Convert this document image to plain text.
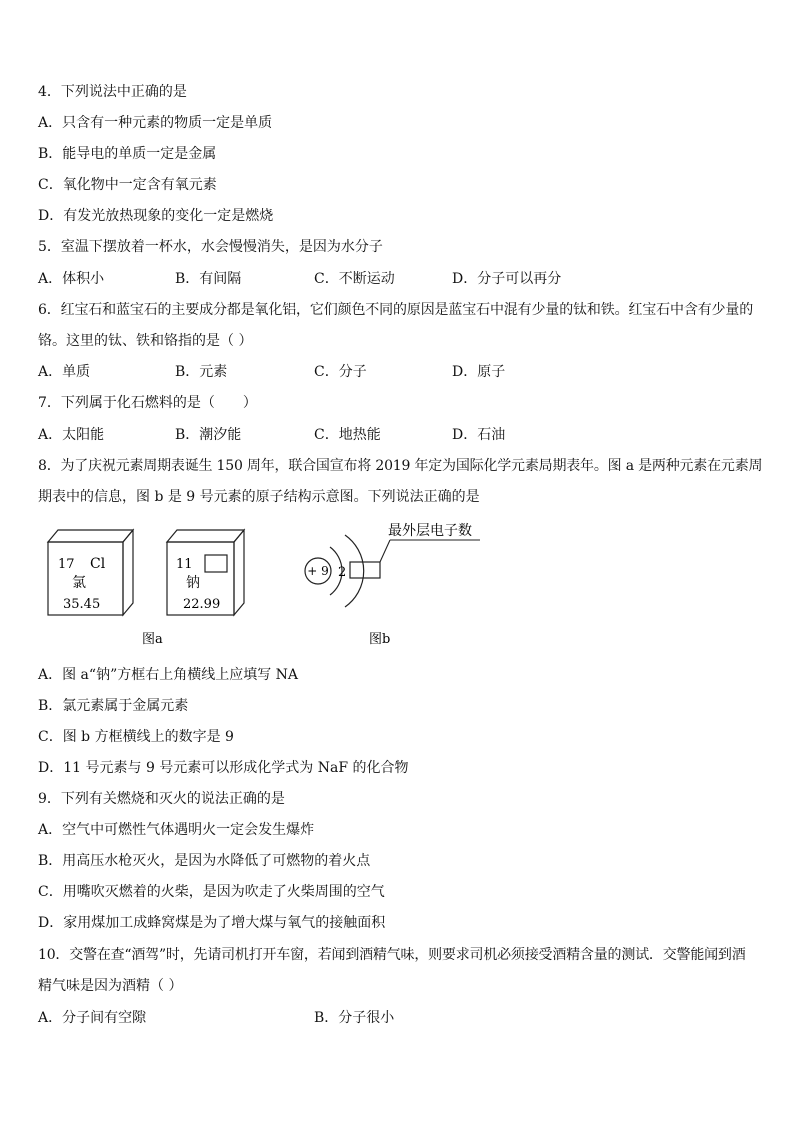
4．下列说法中正确的是
A．只含有一种元素的物质一定是单质
B．能导电的单质一定是金属
C．氧化物中一定含有氧元素
D．有发光放热现象的变化一定是燃烧
5．室温下摆放着一杯水，水会慢慢消失，是因为水分子
A．体积小	B．有间隔	C．不断运动	D．分子可以再分
6．红宝石和蓝宝石的主要成分都是氧化铝，它们颜色不同的原因是蓝宝石中混有少量的钛和铁。红宝石中含有少量的
铬。这里的钛、铁和铬指的是（ ）
A．单质	B．元素	C．分子	D．原子
7．下列属于化石燃料的是（　　）
A．太阳能	B．潮汐能	C．地热能	D．石油
8．为了庆祝元素周期表诞生 150 周年，联合国宣布将 2019 年定为国际化学元素局期表年。图 a 是两种元素在元素周
期表中的信息，图 b 是 9 号元素的原子结构示意图。下列说法正确的是
17 Cl
氯
35.45
11
钠
22.99
+ 9 2
最外层电子数
图a	图b
A．图 a“钠”方框右上角横线上应填写 NA
B．氯元素属于金属元素
C．图 b 方框横线上的数字是 9
D．11 号元素与 9 号元素可以形成化学式为 NaF 的化合物
9．下列有关燃烧和灭火的说法正确的是
A．空气中可燃性气体遇明火一定会发生爆炸
B．用高压水枪灭火，是因为水降低了可燃物的着火点
C．用嘴吹灭燃着的火柴，是因为吹走了火柴周围的空气
D．家用煤加工成蜂窝煤是为了增大煤与氧气的接触面积
10．交警在查“酒驾”时，先请司机打开车窗，若闻到酒精气味，则要求司机必须接受酒精含量的测试．交警能闻到酒
精气味是因为酒精（ ）
A．分子间有空隙	B．分子很小
